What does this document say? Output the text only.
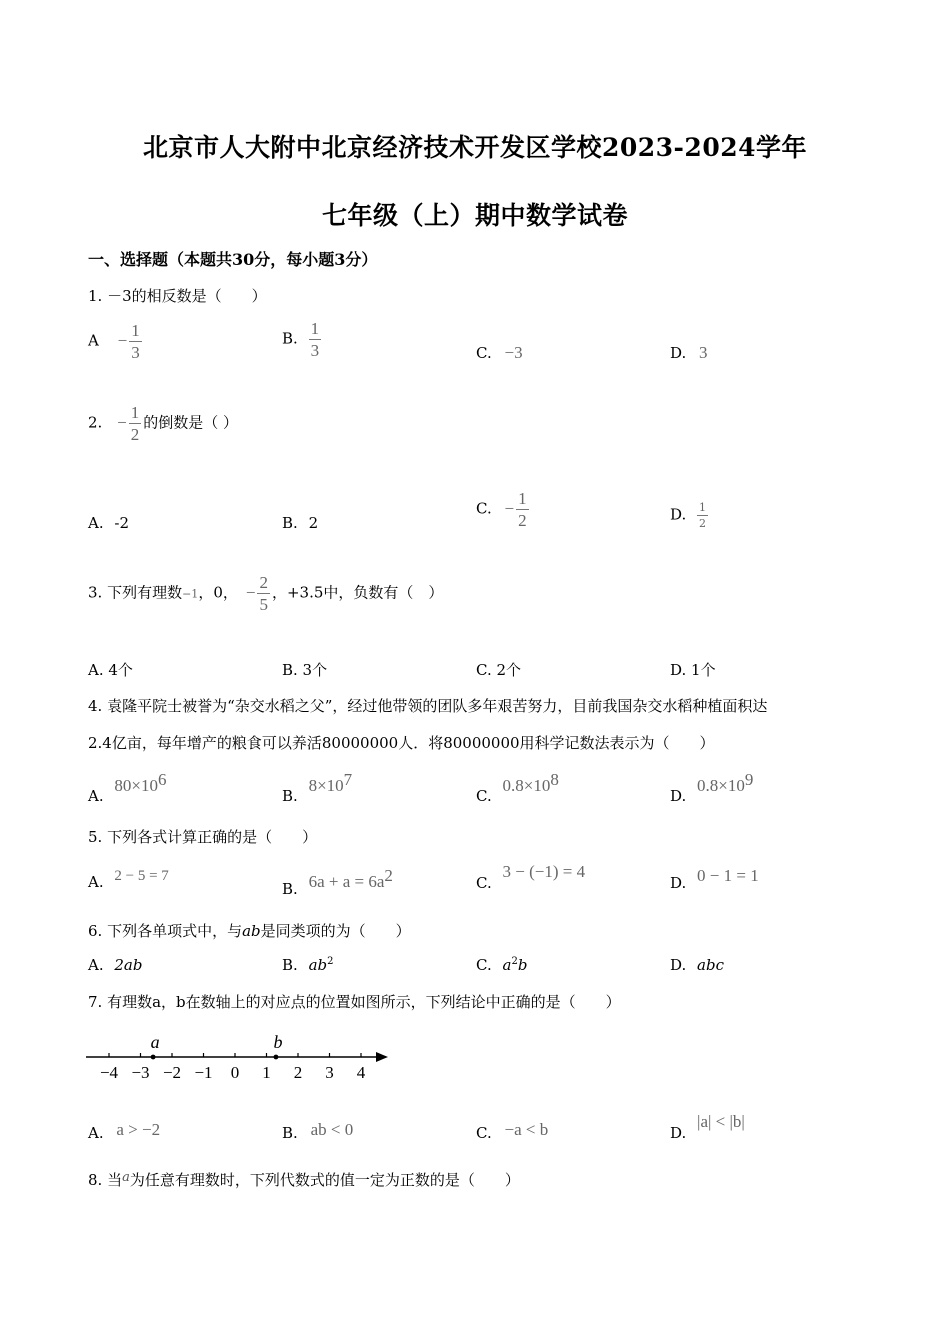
北京市人大附中北京经济技术开发区学校2023-2024学年
七年级（上）期中数学试卷
一、选择题（本题共30分，每小题3分）
1. －3的相反数是（　　）
$A - \frac{1}{3}$	B. $\frac{1}{3}$	C. −3	D. 3
2. − $\frac{1}{2}$ 的倒数是（ ）
A. -2	B. 2
C. − $\frac{1}{2}$	D. $\frac{1}{2}$
3. 下列有理数−1，0， − $\frac{2}{5}$ ，+3.5中，负数有（　）
A. 4个	B. 3个	C. 2个	D. 1个
4. 袁隆平院士被誉为“杂交水稻之父”，经过他带领的团队多年艰苦努力，目前我国杂交水稻种植面积达
2.4亿亩，每年增产的粮食可以养活80000000人．将80000000用科学记数法表示为（　　）
A. $80\times 10^6$
B. $8\times 10^7$
C. $0.8\times 10^8$
D. $0.8\times 10^9$
5. 下列各式计算正确的是（　　）
A. 2 − 5 = 7
B. $6a + a = 6a^2$	C. 3 − (−1) = 4
D. 0 − 1 = 1
6. 下列各单项式中，与ab是同类项的为（　　）
A. 2ab	B. $ab^2$	C. $a^2b$	D. abc
7. 有理数a，b在数轴上的对应点的位置如图所示，下列结论中正确的是（　　）
−4 −3 −2 −1 0 1 2 3 4
a	b
A. a > −2	B. ab < 0	C. −a < b	D. |a| < |b|
8. 当a为任意有理数时，下列代数式的值一定为正数的是（　　）
